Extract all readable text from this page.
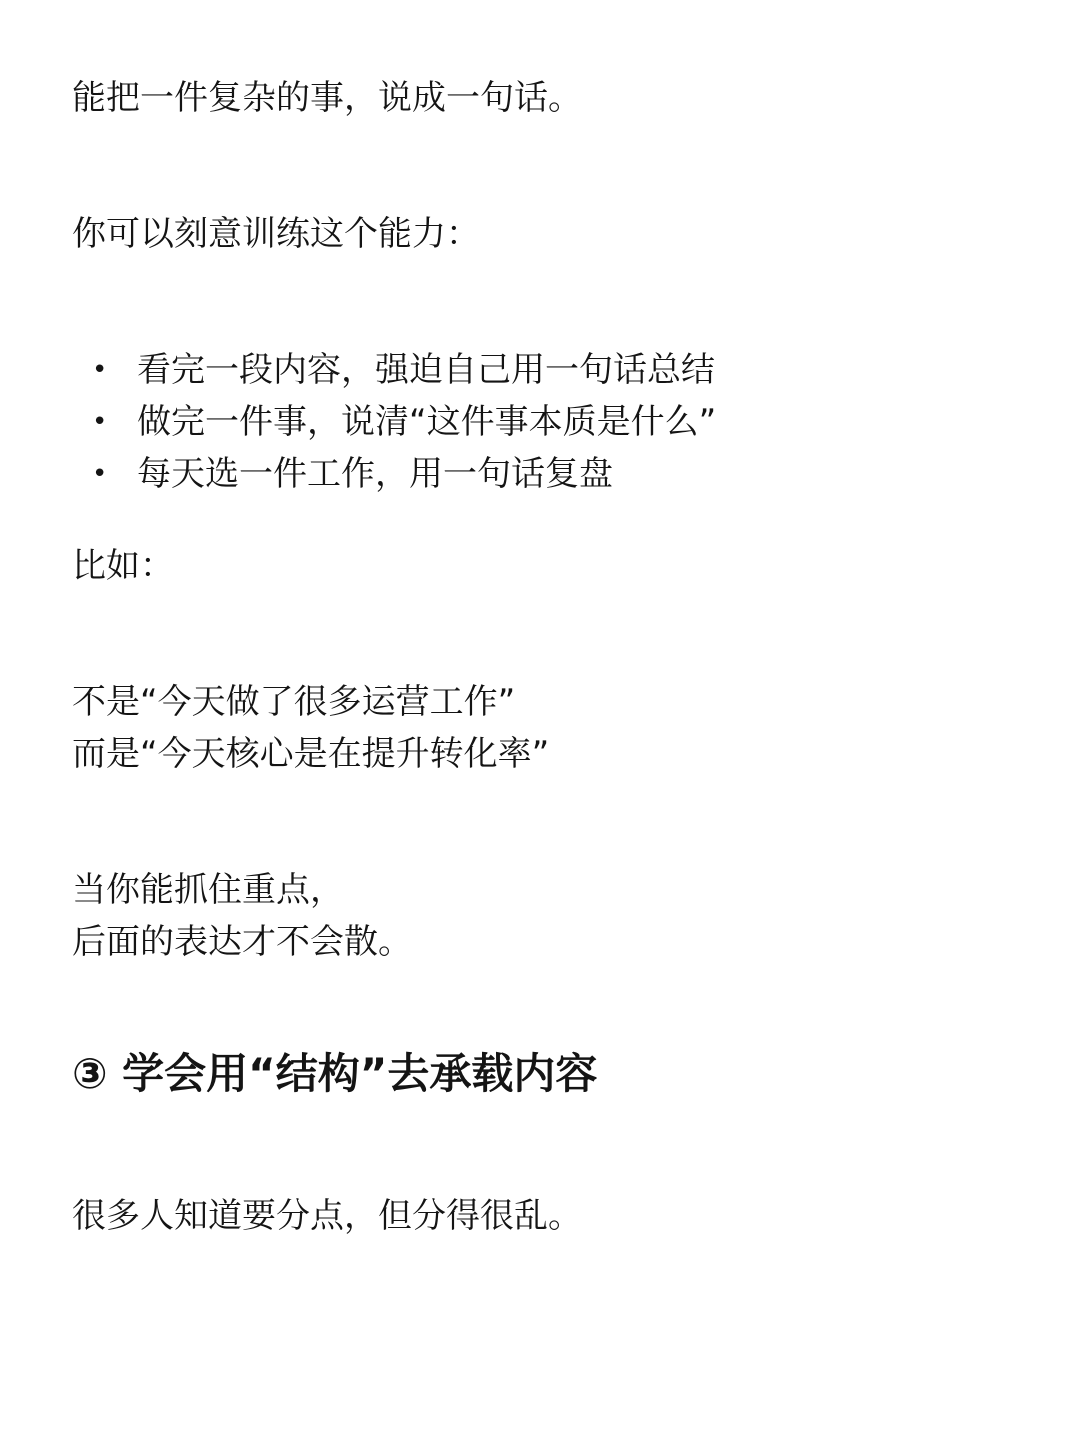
能把一件复杂的事，说成一句话。

你可以刻意训练这个能力：

• 看完一段内容，强迫自己用一句话总结
• 做完一件事，说清“这件事本质是什么”
• 每天选一件工作，用一句话复盘

比如：

不是“今天做了很多运营工作”

而是“今天核心是在提升转化率”

当你能抓住重点，

后面的表达才不会散。

③ 学会用“结构”去承载内容

很多人知道要分点，但分得很乱。
